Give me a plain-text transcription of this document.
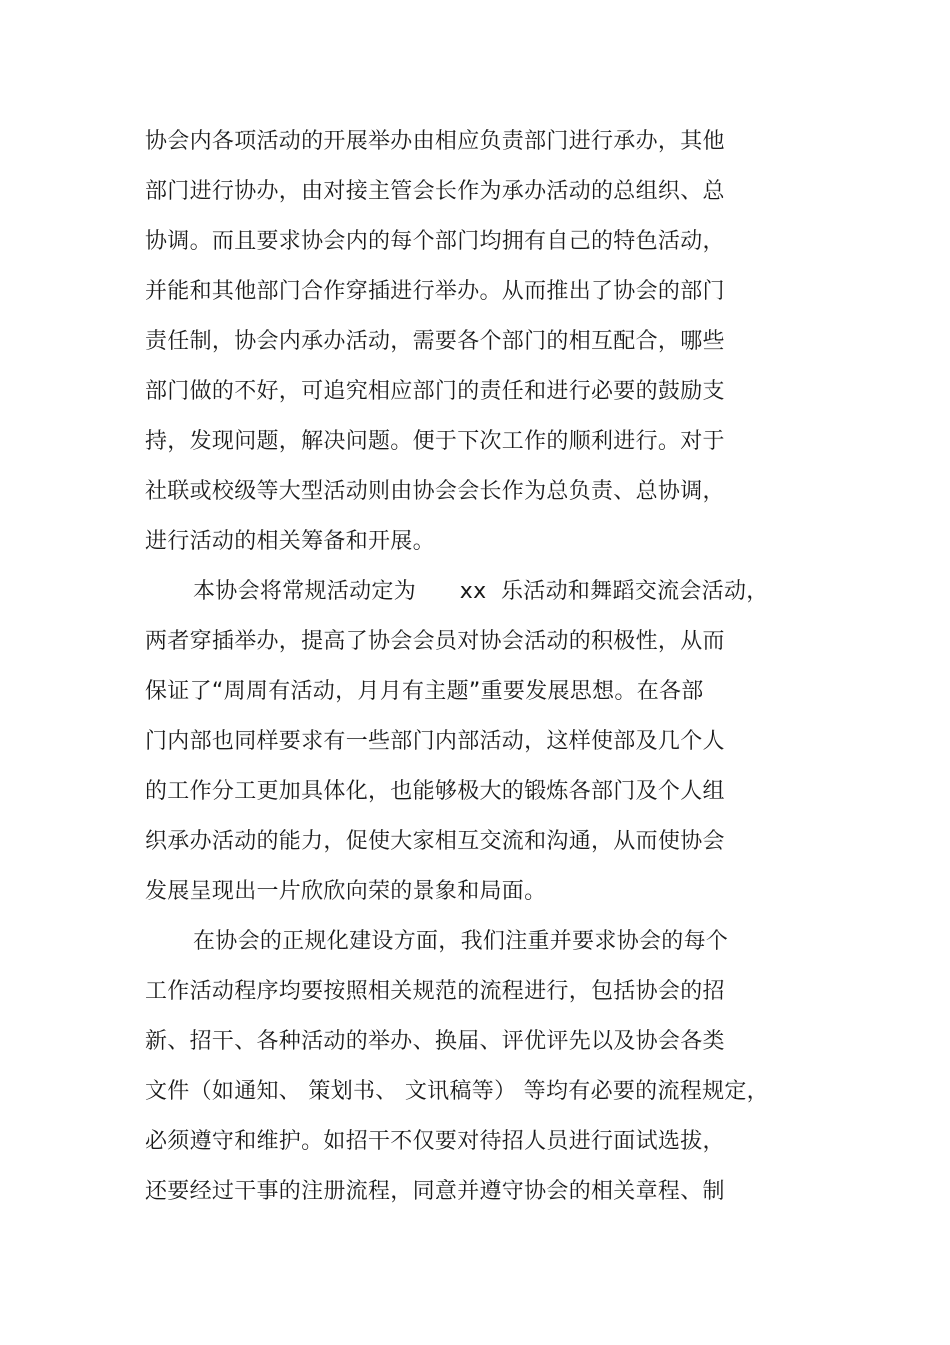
协会内各项活动的开展举办由相应负责部门进行承办，其他
部门进行协办，由对接主管会长作为承办活动的总组织、总
协调。而且要求协会内的每个部门均拥有自己的特色活动，
并能和其他部门合作穿插进行举办。从而推出了协会的部门
责任制，协会内承办活动，需要各个部门的相互配合，哪些
部门做的不好，可追究相应部门的责任和进行必要的鼓励支
持，发现问题，解决问题。便于下次工作的顺利进行。对于
社联或校级等大型活动则由协会会长作为总负责、总协调，
进行活动的相关筹备和开展。
本协会将常规活动定为      xx  乐活动和舞蹈交流会活动，
两者穿插举办，提高了协会会员对协会活动的积极性，从而
保证了“周周有活动，月月有主题”重要发展思想。在各部
门内部也同样要求有一些部门内部活动，这样使部及几个人
的工作分工更加具体化，也能够极大的锻炼各部门及个人组
织承办活动的能力，促使大家相互交流和沟通，从而使协会
发展呈现出一片欣欣向荣的景象和局面。
在协会的正规化建设方面，我们注重并要求协会的每个
工作活动程序均要按照相关规范的流程进行，包括协会的招
新、招干、各种活动的举办、换届、评优评先以及协会各类
文件（如通知、 策划书、 文讯稿等） 等均有必要的流程规定，
必须遵守和维护。如招干不仅要对待招人员进行面试选拔，
还要经过干事的注册流程，同意并遵守协会的相关章程、制
